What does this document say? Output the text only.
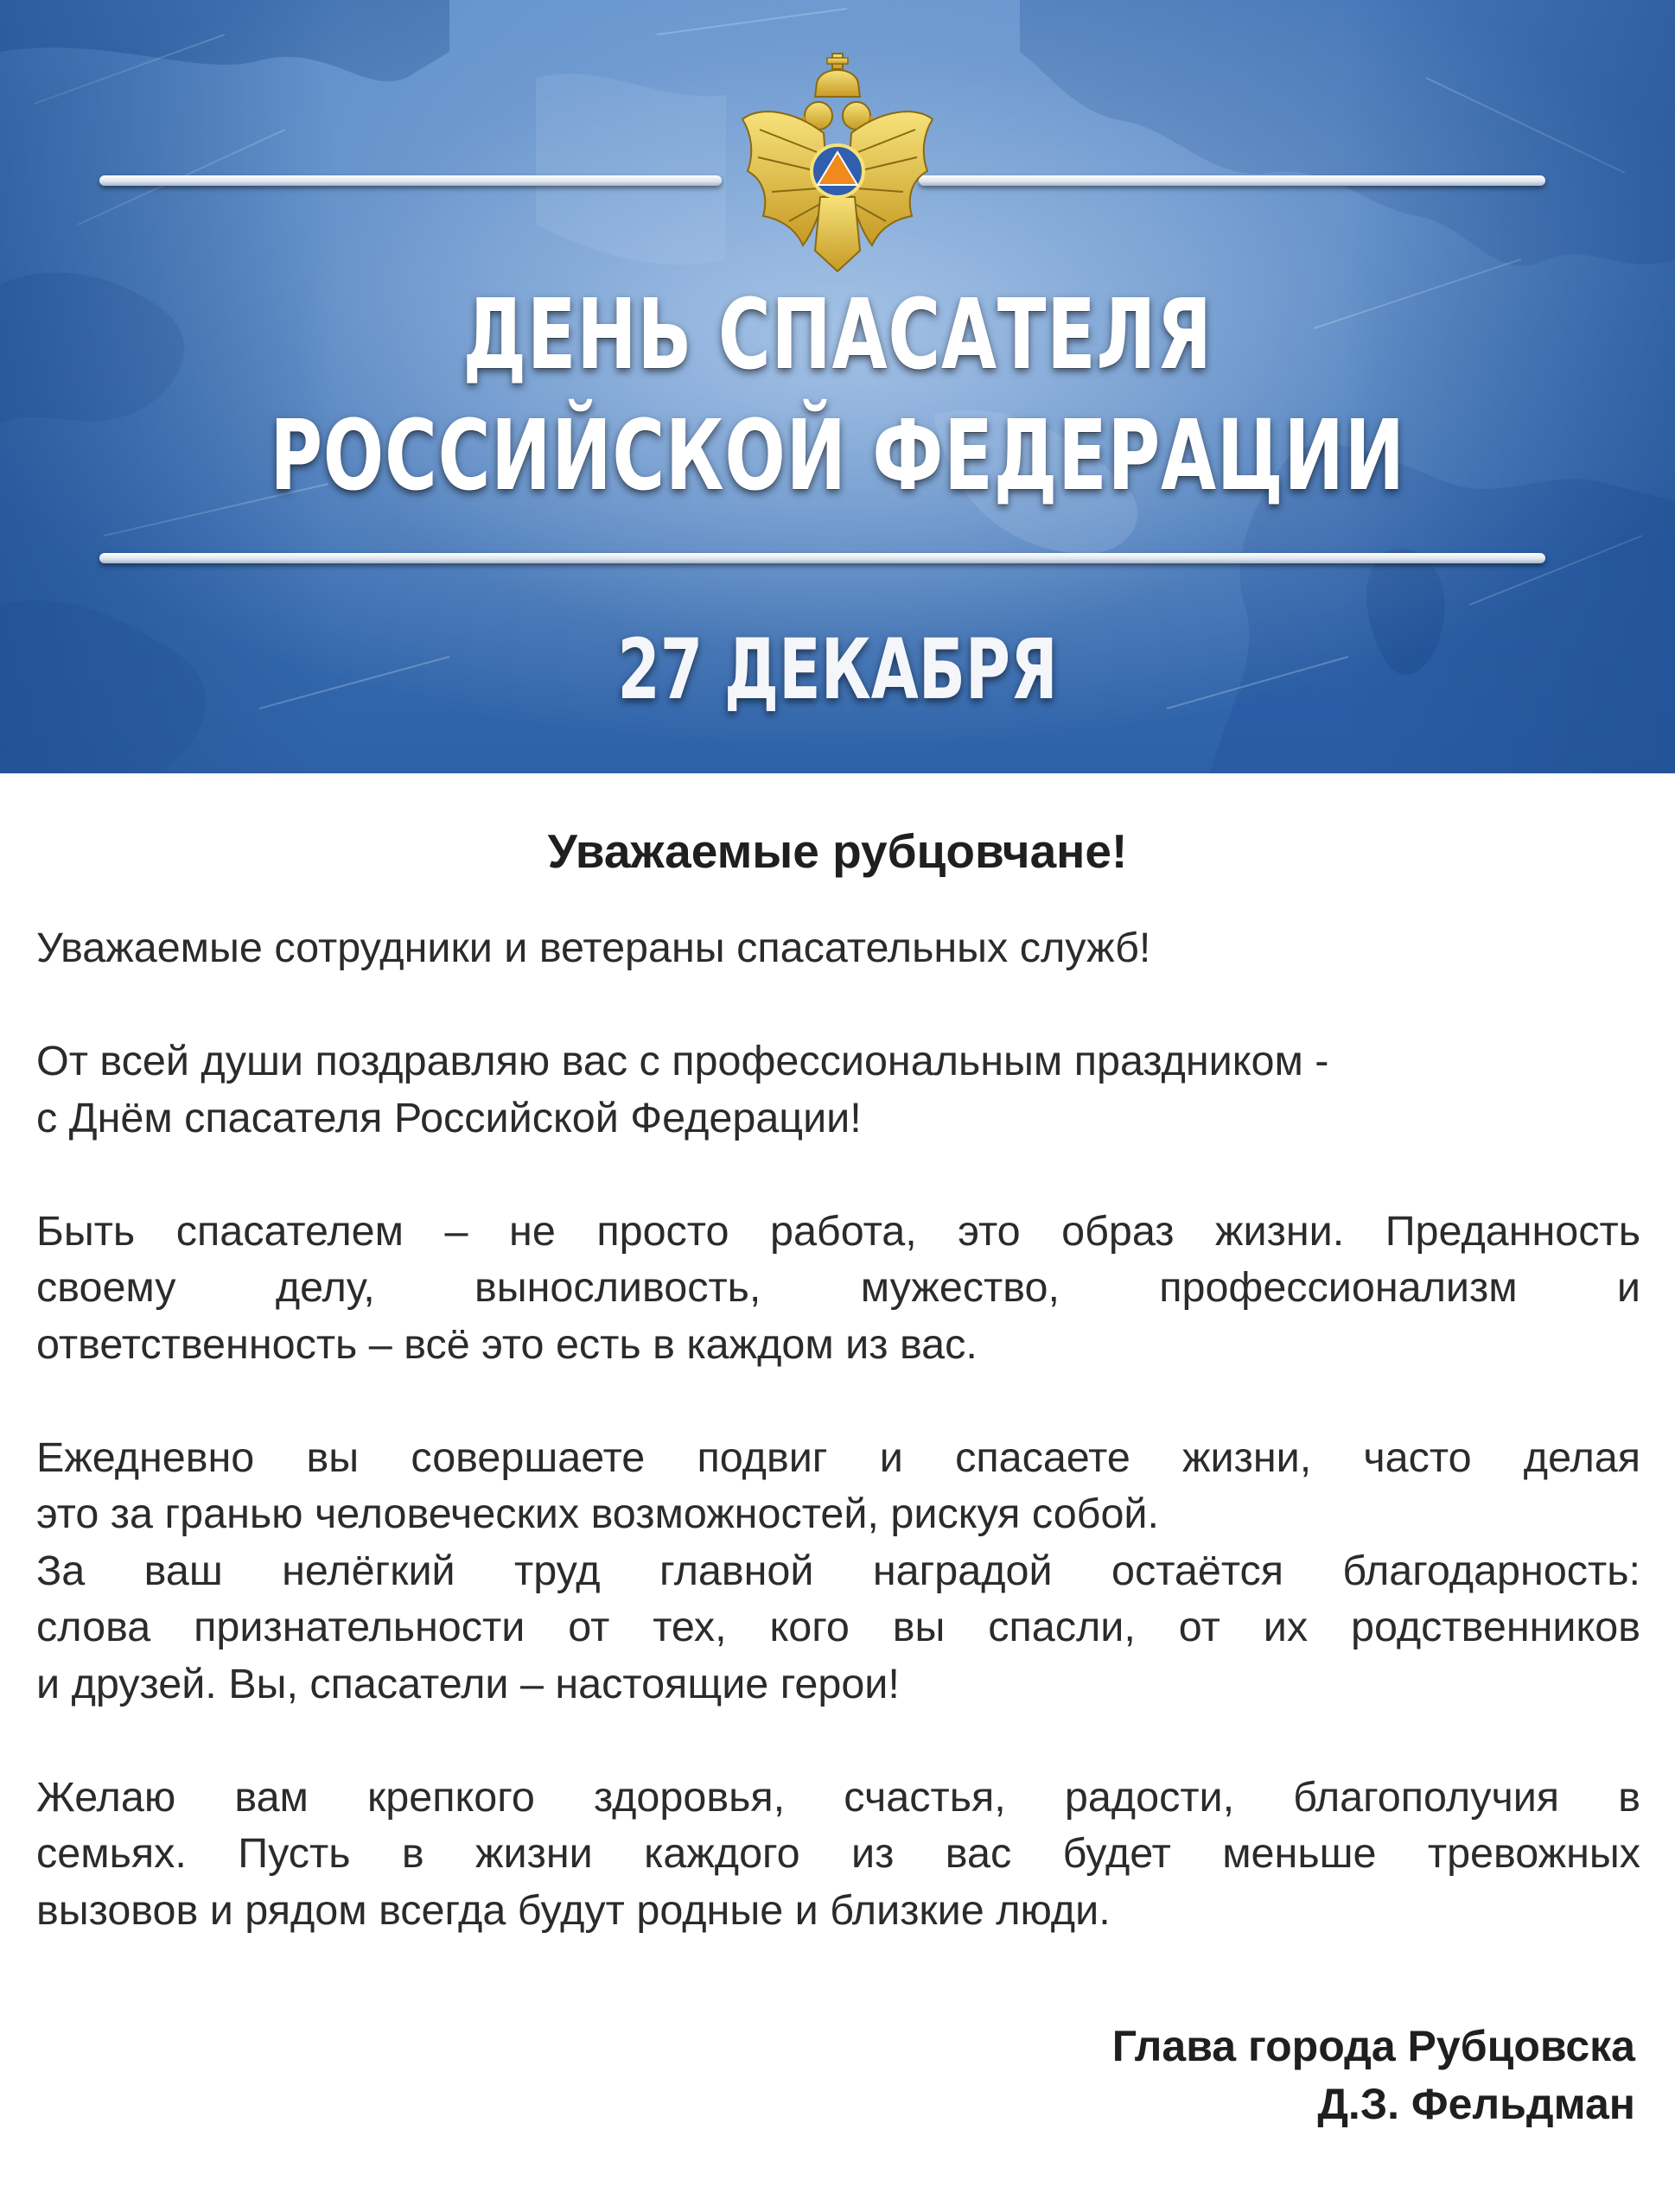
ДЕНЬ СПАСАТЕЛЯ
РОССИЙСКОЙ ФЕДЕРАЦИИ
27 ДЕКАБРЯ
Уважаемые рубцовчане!

Уважаемые сотрудники и ветераны спасательных служб!

От всей души поздравляю вас с профессиональным праздником -
с Днём спасателя Российской Федерации!

Быть спасателем – не просто работа, это образ жизни. Преданность
своему делу, выносливость, мужество, профессионализм и
ответственность – всё это есть в каждом из вас.

Ежедневно вы совершаете подвиг и спасаете жизни, часто делая
это за гранью человеческих возможностей, рискуя собой.

За ваш нелёгкий труд главной наградой остаётся благодарность:
слова признательности от тех, кого вы спасли, от их родственников
и друзей. Вы, спасатели – настоящие герои!

Желаю вам крепкого здоровья, счастья, радости, благополучия в
семьях. Пусть в жизни каждого из вас будет меньше тревожных
вызовов и рядом всегда будут родные и близкие люди.

Глава города Рубцовска
Д.З. Фельдман
